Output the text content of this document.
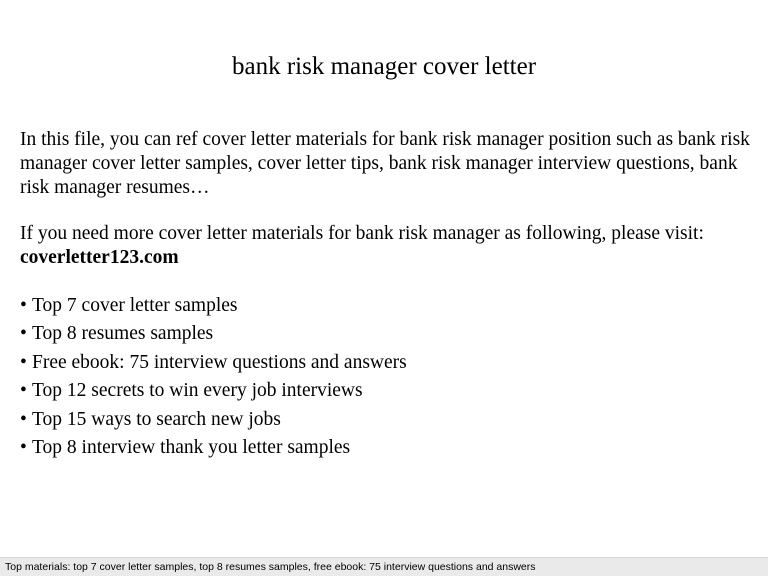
bank risk manager cover letter

In this file, you can ref cover letter materials for bank risk manager position such as bank risk manager cover letter samples, cover letter tips, bank risk manager interview questions, bank risk manager resumes…

If you need more cover letter materials for bank risk manager as following, please visit: coverletter123.com

• Top 7 cover letter samples
• Top 8 resumes samples
• Free ebook: 75 interview questions and answers
• Top 12 secrets to win every job interviews
• Top 15 ways to search new jobs
• Top 8 interview thank you letter samples
Top materials: top 7 cover letter samples, top 8 resumes samples, free ebook: 75 interview questions and answers
